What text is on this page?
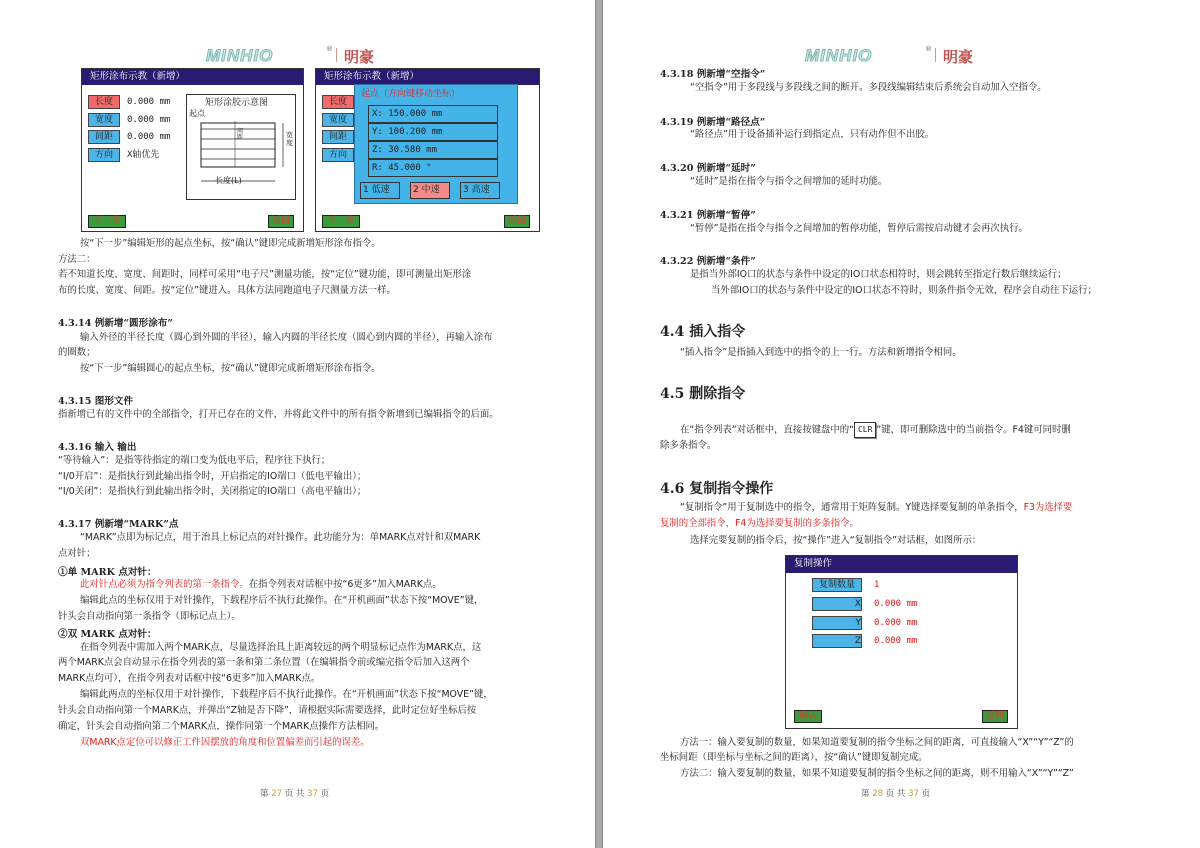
MINHIO	® 明豪
矩形涂布示教（新增）
长度	0.000 mm
宽度	0.000 mm
间距	0.000 mm
方向	X轴优先
矩形涂胶示意图
起点
宽度
间距
长度(L)
下一步	返回
矩形涂布示教（新增）
长度
宽度
间距
方向
起点（方向键移动坐标）
X: 150.000 mm
Y: 100.200 mm
Z: 30.580 mm
R: 45.000 °
1 低速	2 中速	3 高速
下一步	返回
按“下一步”编辑矩形的起点坐标，按“确认”键即完成新增矩形涂布指令。
方法二：
若不知道长度、宽度、间距时，同样可采用“电子尺”测量功能，按“定位”键功能，即可测量出矩形涂
布的长度、宽度、间距。按“定位”键进入。具体方法同跑道电子尺测量方法一样。
4.3.14 例新增“圆形涂布”
输入外径的半径长度（圆心到外圆的半径），输入内圆的半径长度（圆心到内圆的半径），再输入涂布
的圈数；
按“下一步”编辑圆心的起点坐标，按“确认”键即完成新增矩形涂布指令。
4.3.15 图形文件
指新增已有的文件中的全部指令，打开已存在的文件，并将此文件中的所有指令新增到已编辑指令的后面。
4.3.16 输入 输出
“等待输入”：是指等待指定的端口变为低电平后，程序往下执行；
“I/0开启”：是指执行到此输出指令时，开启指定的IO端口（低电平输出）；
“I/0关闭”：是指执行到此输出指令时，关闭指定的IO端口（高电平输出）；
4.3.17 例新增“MARK”点
“MARK”点即为标记点，用于治具上标记点的对针操作。此功能分为：单MARK点对针和双MARK
点对针；
①单 MARK 点对针：
此对针点必须为指令列表的第一条指令。在指令列表对话框中按“6更多”加入MARK点。
编辑此点的坐标仅用于对针操作，下载程序后不执行此操作。在“开机画面”状态下按“MOVE”键，
针头会自动指向第一条指令（即标记点上）。
②双 MARK 点对针：
在指令列表中需加入两个MARK点，尽量选择治具上距离较远的两个明显标记点作为MARK点，这
两个MARK点会自动显示在指令列表的第一条和第二条位置（在编辑指令前或编完指令后加入这两个
MARK点均可），在指令列表对话框中按“6更多”加入MARK点。
编辑此两点的坐标仅用于对针操作，下载程序后不执行此操作。在“开机画面”状态下按“MOVE”键，
针头会自动指向第一个MARK点，并弹出“Z轴是否下降”，请根据实际需要选择，此时定位好坐标后按
确定，针头会自动指向第二个MARK点，操作同第一个MARK点操作方法相同。
双MARK点定位可以修正工件因摆放的角度和位置偏差而引起的误差。
第 27 页 共 37 页
MINHIO	® 明豪
4.3.18 例新增“空指令”
“空指令”用于多段线与多段线之间的断开。多段线编辑结束后系统会自动加入空指令。
4.3.19 例新增“路径点”
“路径点”用于设备插补运行到指定点，只有动作但不出胶。
4.3.20 例新增“延时”
“延时”是指在指令与指令之间增加的延时功能。
4.3.21 例新增“暂停”
“暂停”是指在指令与指令之间增加的暂停功能，暂停后需按启动键才会再次执行。
4.3.22 例新增“条件”
是指当外部IO口的状态与条件中设定的IO口状态相符时，则会跳转至指定行数后继续运行；
当外部IO口的状态与条件中设定的IO口状态不符时，则条件指令无效，程序会自动往下运行；
4.4 插入指令
“插入指令”是指插入到选中的指令的上一行。方法和新增指令相同。
4.5 删除指令
在“指令列表”对话框中，直接按键盘中的“ CLR ”键，即可删除选中的当前指令。F4键可同时删
除多条指令。
4.6 复制指令操作
“复制指令”用于复制选中的指令，通常用于矩阵复制。Y键选择要复制的单条指令，F3为选择要
复制的全部指令，F4为选择要复制的多条指令。
选择完要复制的指令后，按“操作”进入“复制指令”对话框，如图所示：
复制操作
复制数量	1
X 0.000 mm
Y 0.000 mm
Z 0.000 mm
确认	返回
方法一：输入要复制的数量，如果知道要复制的指令坐标之间的距离，可直接输入“X”“Y”“Z”的
坐标间距（即坐标与坐标之间的距离），按“确认”键即复制完成。
方法二：输入要复制的数量，如果不知道要复制的指令坐标之间的距离，则不用输入“X”“Y”“Z”
第 28 页 共 37 页
